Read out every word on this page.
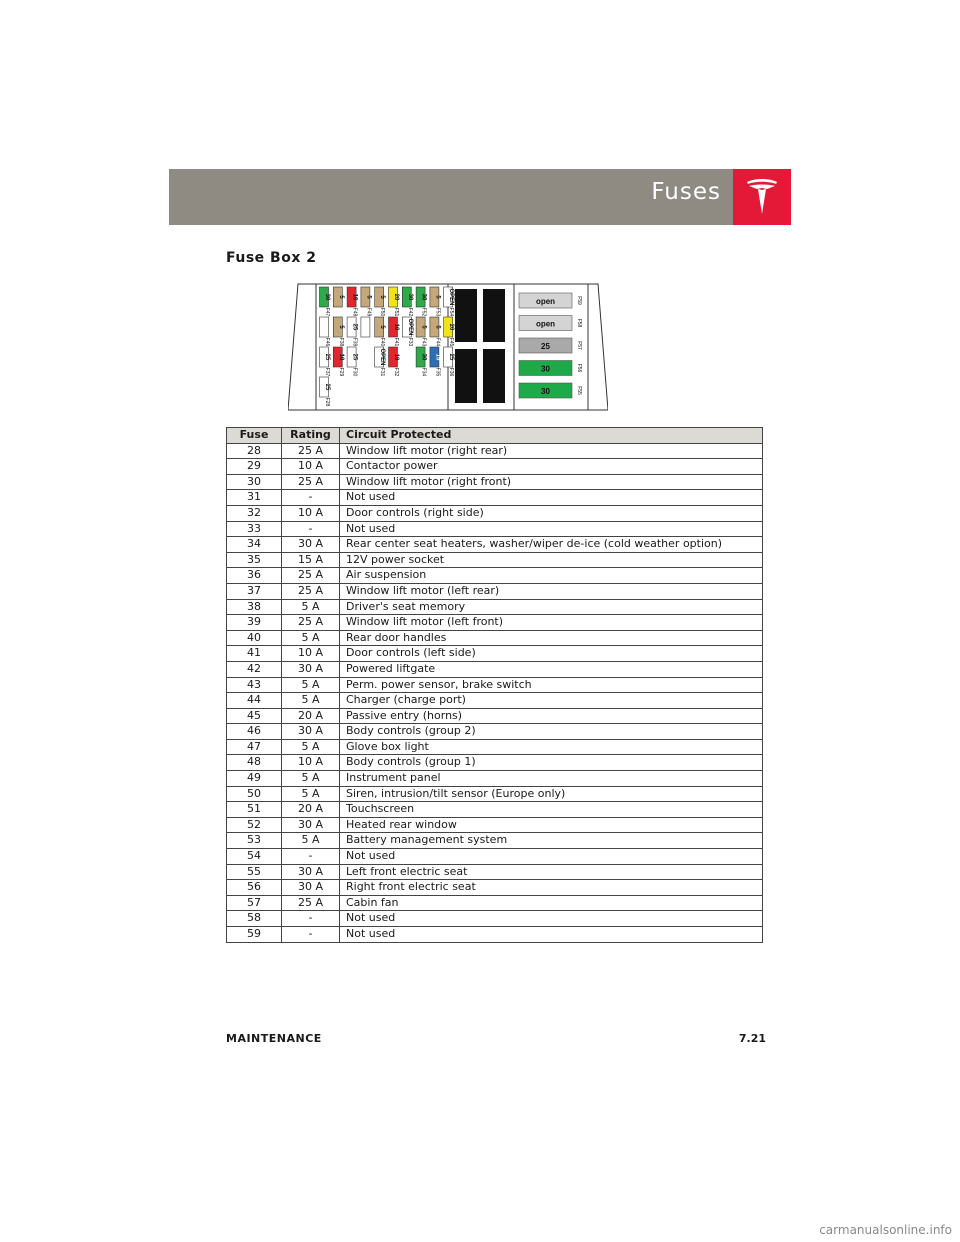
Fuses
Fuse Box 2
30
F47
F46
25
F37
25
F28
5
5
F38
10
F29
10
F48
25
F39
25
F30
5
F49
5
F50
5
F40
OPEN
F31
20
F51
10
F41
10
F32
30
F42
OPEN
F33
30
F52
5
F43
30
F34
5
F53
5
F44
15
F35
OPEN
F54
20
F45
25
F36
open	F59
open	F58
25	F57
30	F56
30	F55
Fuse	Rating	Circuit Protected
28	25 A	Window lift motor (right rear)
29	10 A	Contactor power
30	25 A	Window lift motor (right front)
31	-	Not used
32	10 A	Door controls (right side)
33	-	Not used
34	30 A	Rear center seat heaters, washer/wiper de-ice (cold weather option)
35	15 A	12V power socket
36	25 A	Air suspension
37	25 A	Window lift motor (left rear)
38	5 A	Driver's seat memory
39	25 A	Window lift motor (left front)
40	5 A	Rear door handles
41	10 A	Door controls (left side)
42	30 A	Powered liftgate
43	5 A	Perm. power sensor, brake switch
44	5 A	Charger (charge port)
45	20 A	Passive entry (horns)
46	30 A	Body controls (group 2)
47	5 A	Glove box light
48	10 A	Body controls (group 1)
49	5 A	Instrument panel
50	5 A	Siren, intrusion/tilt sensor (Europe only)
51	20 A	Touchscreen
52	30 A	Heated rear window
53	5 A	Battery management system
54	-	Not used
55	30 A	Left front electric seat
56	30 A	Right front electric seat
57	25 A	Cabin fan
58	-	Not used
59	-	Not used
MAINTENANCE	7.21
carmanualsonline.info
